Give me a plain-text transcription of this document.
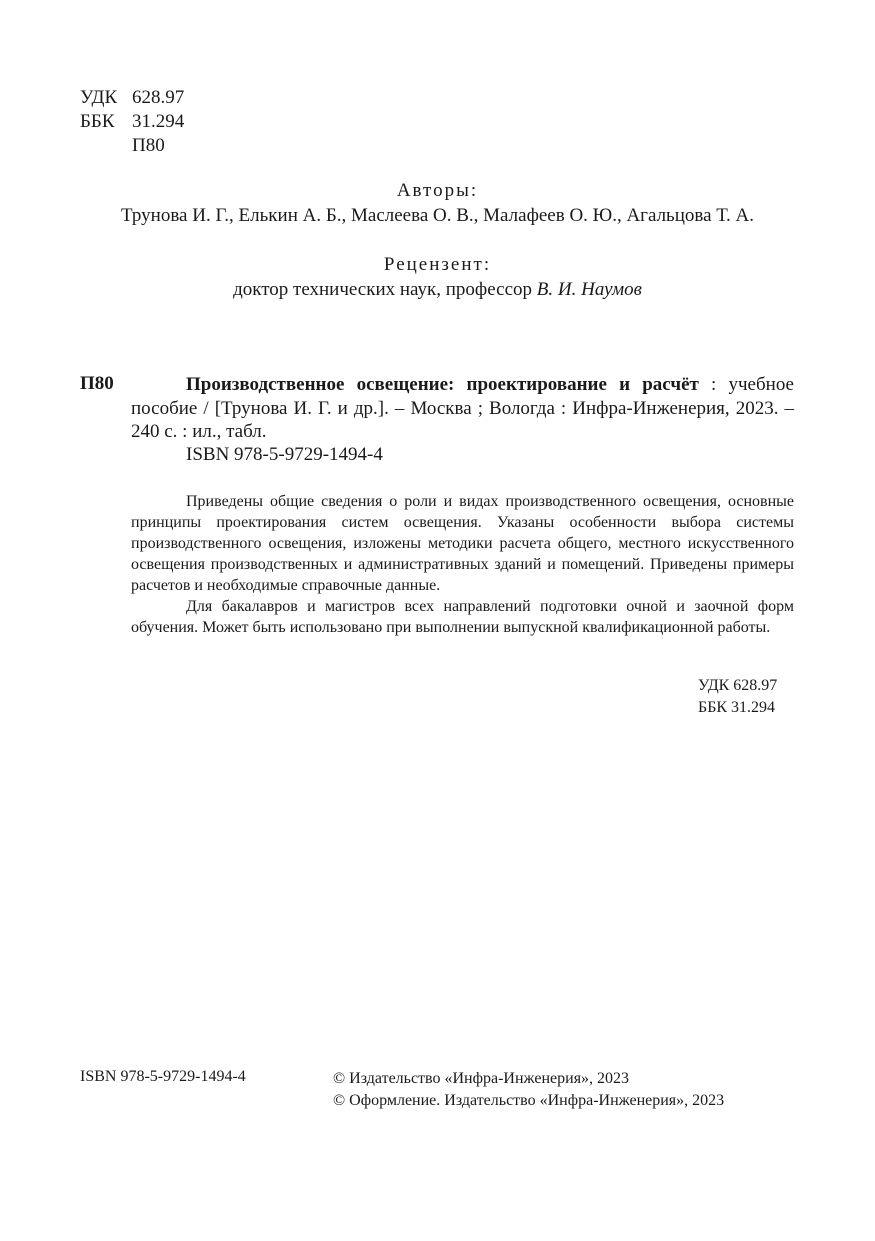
УДК 628.97
ББК 31.294
П80
Авторы:
Трунова И. Г., Елькин А. Б., Маслеева О. В., Малафеев О. Ю., Агальцова Т. А.
Рецензент:
доктор технических наук, профессор В. И. Наумов
П80	Производственное освещение: проектирование и расчёт : учебное пособие / [Трунова И. Г. и др.]. – Москва ; Вологда : Инфра-Инженерия, 2023. – 240 с. : ил., табл.
ISBN 978-5-9729-1494-4

Приведены общие сведения о роли и видах производственного освещения, основные принципы проектирования систем освещения. Указаны особенности выбора системы производственного освещения, изложены методики расчета общего, местного искусственного освещения производственных и административных зданий и помещений. Приведены примеры расчетов и необходимые справочные данные.

Для бакалавров и магистров всех направлений подготовки очной и заочной форм обучения. Может быть использовано при выполнении выпускной квалификационной работы.

УДК 628.97
ББК 31.294
ISBN 978-5-9729-1494-4	© Издательство «Инфра-Инженерия», 2023
© Оформление. Издательство «Инфра-Инженерия», 2023
